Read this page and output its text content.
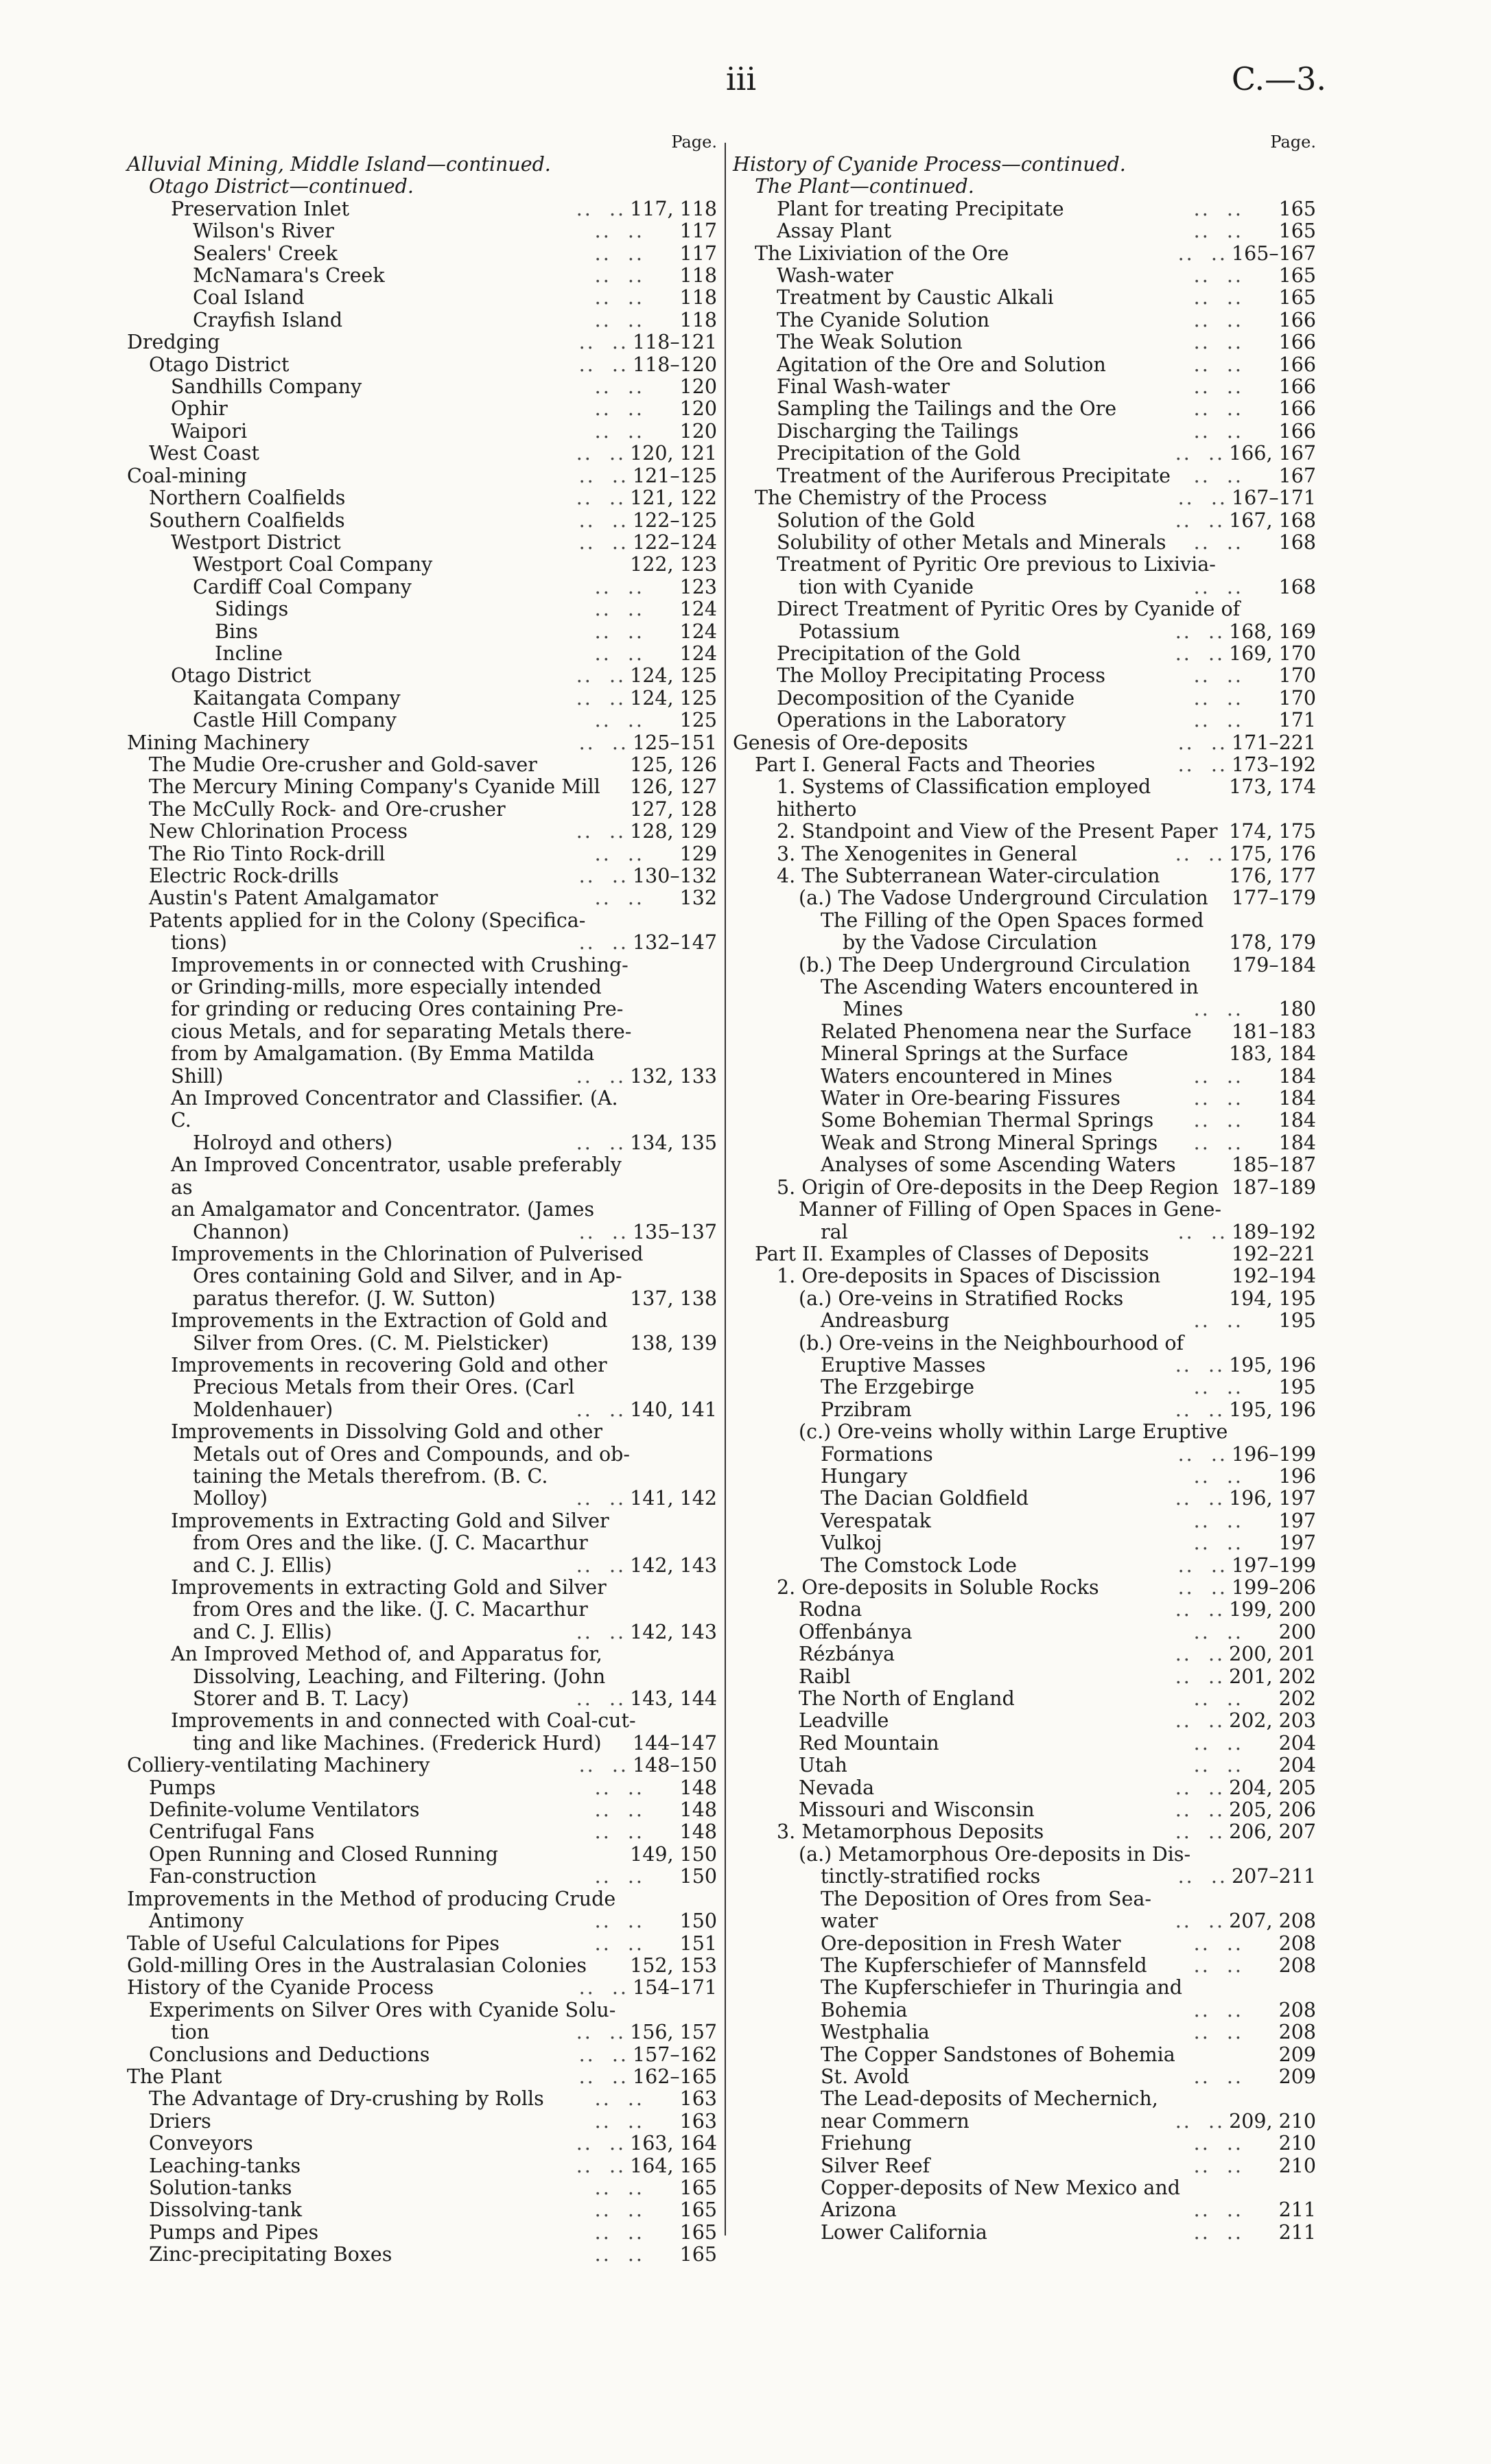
iii	C.—3.
Page.
Alluvial Mining, Middle Island—continued.
Otago District—continued.
Preservation Inlet	..  .. 117, 118
Wilson's River	..  ..	117
Sealers' Creek	..  ..	117
McNamara's Creek	..  ..	118
Coal Island	..  ..	118
Crayfish Island	..  ..	118
Dredging	..  .. 118–121
Otago District	..  .. 118–120
Sandhills Company	..  ..	120
Ophir	..  ..	120
Waipori	..  ..	120
West Coast	..  .. 120, 121
Coal-mining	..  .. 121–125
Northern Coalfields	..  .. 121, 122
Southern Coalfields	..  .. 122–125
Westport District	..  .. 122–124
Westport Coal Company	122, 123
Cardiff Coal Company	..  ..	123
Sidings	..  ..	124
Bins	..  ..	124
Incline	..  ..	124
Otago District	..  .. 124, 125
Kaitangata Company	..  .. 124, 125
Castle Hill Company	..  ..	125
Mining Machinery	..  .. 125–151
The Mudie Ore-crusher and Gold-saver	125, 126
The Mercury Mining Company's Cyanide Mill	126, 127
The McCully Rock- and Ore-crusher	127, 128
New Chlorination Process	..  .. 128, 129
The Rio Tinto Rock-drill	..  ..	129
Electric Rock-drills	..  .. 130–132
Austin's Patent Amalgamator	..  ..	132
Patents applied for in the Colony (Specifica-
tions)	..  .. 132–147
Improvements in or connected with Crushing-
or Grinding-mills, more especially intended
for grinding or reducing Ores containing Pre-
cious Metals, and for separating Metals there-
from by Amalgamation. (By Emma Matilda
Shill)	..  .. 132, 133
An Improved Concentrator and Classifier. (A. C.
Holroyd and others)	..  .. 134, 135
An Improved Concentrator, usable preferably as
an Amalgamator and Concentrator. (James
Channon)	..  .. 135–137
Improvements in the Chlorination of Pulverised
Ores containing Gold and Silver, and in Ap-
paratus therefor. (J. W. Sutton)	137, 138
Improvements in the Extraction of Gold and
Silver from Ores. (C. M. Pielsticker)	138, 139
Improvements in recovering Gold and other
Precious Metals from their Ores. (Carl
Moldenhauer)	..  .. 140, 141
Improvements in Dissolving Gold and other
Metals out of Ores and Compounds, and ob-
taining the Metals therefrom. (B. C.
Molloy)	..  .. 141, 142
Improvements in Extracting Gold and Silver
from Ores and the like. (J. C. Macarthur
and C. J. Ellis)	..  .. 142, 143
Improvements in extracting Gold and Silver
from Ores and the like. (J. C. Macarthur
and C. J. Ellis)	..  .. 142, 143
An Improved Method of, and Apparatus for,
Dissolving, Leaching, and Filtering. (John
Storer and B. T. Lacy)	..  .. 143, 144
Improvements in and connected with Coal-cut-
ting and like Machines. (Frederick Hurd)	144–147
Colliery-ventilating Machinery	..  .. 148–150
Pumps	..  ..	148
Definite-volume Ventilators	..  ..	148
Centrifugal Fans	..  ..	148
Open Running and Closed Running	149, 150
Fan-construction	..  ..	150
Improvements in the Method of producing Crude
Antimony	..  ..	150
Table of Useful Calculations for Pipes	..  ..	151
Gold-milling Ores in the Australasian Colonies	152, 153
History of the Cyanide Process	..  .. 154–171
Experiments on Silver Ores with Cyanide Solu-
tion	..  .. 156, 157
Conclusions and Deductions	..  .. 157–162
The Plant	..  .. 162–165
The Advantage of Dry-crushing by Rolls	..  ..	163
Driers	..  ..	163
Conveyors	..  .. 163, 164
Leaching-tanks	..  .. 164, 165
Solution-tanks	..  ..	165
Dissolving-tank	..  ..	165
Pumps and Pipes	..  ..	165
Zinc-precipitating Boxes	..  ..	165
Page.
History of Cyanide Process—continued.
The Plant—continued.
Plant for treating Precipitate	..  ..	165
Assay Plant	..  ..	165
The Lixiviation of the Ore	..  .. 165–167
Wash-water	..  ..	165
Treatment by Caustic Alkali	..  ..	165
The Cyanide Solution	..  ..	166
The Weak Solution	..  ..	166
Agitation of the Ore and Solution	..  ..	166
Final Wash-water	..  ..	166
Sampling the Tailings and the Ore	..  ..	166
Discharging the Tailings	..  ..	166
Precipitation of the Gold	..  .. 166, 167
Treatment of the Auriferous Precipitate	..  ..	167
The Chemistry of the Process	..  .. 167–171
Solution of the Gold	..  .. 167, 168
Solubility of other Metals and Minerals	..  ..	168
Treatment of Pyritic Ore previous to Lixivia-
tion with Cyanide	..  ..	168
Direct Treatment of Pyritic Ores by Cyanide of
Potassium	..  .. 168, 169
Precipitation of the Gold	..  .. 169, 170
The Molloy Precipitating Process	..  ..	170
Decomposition of the Cyanide	..  ..	170
Operations in the Laboratory	..  ..	171
Genesis of Ore-deposits	..  .. 171–221
Part I. General Facts and Theories	..  .. 173–192
1. Systems of Classification employed hitherto
173, 174
2. Standpoint and View of the Present Paper 174, 175
3. The Xenogenites in General	..  .. 175, 176
4. The Subterranean Water-circulation	176, 177
(a.) The Vadose Underground Circulation	177–179
The Filling of the Open Spaces formed
by the Vadose Circulation	178, 179
(b.) The Deep Underground Circulation	179–184
The Ascending Waters encountered in
Mines	..  ..	180
Related Phenomena near the Surface	181–183
Mineral Springs at the Surface	183, 184
Waters encountered in Mines	..  ..	184
Water in Ore-bearing Fissures	..  ..	184
Some Bohemian Thermal Springs	..  ..	184
Weak and Strong Mineral Springs	..  ..	184
Analyses of some Ascending Waters	185–187
5. Origin of Ore-deposits in the Deep Region 187–189
Manner of Filling of Open Spaces in Gene-
ral	..  .. 189–192
Part II. Examples of Classes of Deposits	192–221
1. Ore-deposits in Spaces of Discission	192–194
(a.) Ore-veins in Stratified Rocks	194, 195
Andreasburg	..  ..	195
(b.) Ore-veins in the Neighbourhood of
Eruptive Masses	..  .. 195, 196
The Erzgebirge	..  ..	195
Przibram	..  .. 195, 196
(c.) Ore-veins wholly within Large Eruptive
Formations	..  .. 196–199
Hungary	..  ..	196
The Dacian Goldfield	..  .. 196, 197
Verespatak	..  ..	197
Vulkoj	..  ..	197
The Comstock Lode	..  .. 197–199
2. Ore-deposits in Soluble Rocks	..  .. 199–206
Rodna	..  .. 199, 200
Offenbánya	..  ..	200
Rézbánya	..  .. 200, 201
Raibl	..  .. 201, 202
The North of England	..  ..	202
Leadville	..  .. 202, 203
Red Mountain	..  ..	204
Utah	..  ..	204
Nevada	..  .. 204, 205
Missouri and Wisconsin	..  .. 205, 206
3. Metamorphous Deposits	..  .. 206, 207
(a.) Metamorphous Ore-deposits in Dis-
tinctly-stratified rocks	..  .. 207–211
The Deposition of Ores from Sea-
water	..  .. 207, 208
Ore-deposition in Fresh Water	..  ..	208
The Kupferschiefer of Mannsfeld	..  ..	208
The Kupferschiefer in Thuringia and
Bohemia	..  ..	208
Westphalia	..  ..	208
The Copper Sandstones of Bohemia	209
St. Avold	..  ..	209
The Lead-deposits of Mechernich,
near Commern	..  .. 209, 210
Friehung	..  ..	210
Silver Reef	..  ..	210
Copper-deposits of New Mexico and
Arizona	..  ..	211
Lower California	..  ..	211
